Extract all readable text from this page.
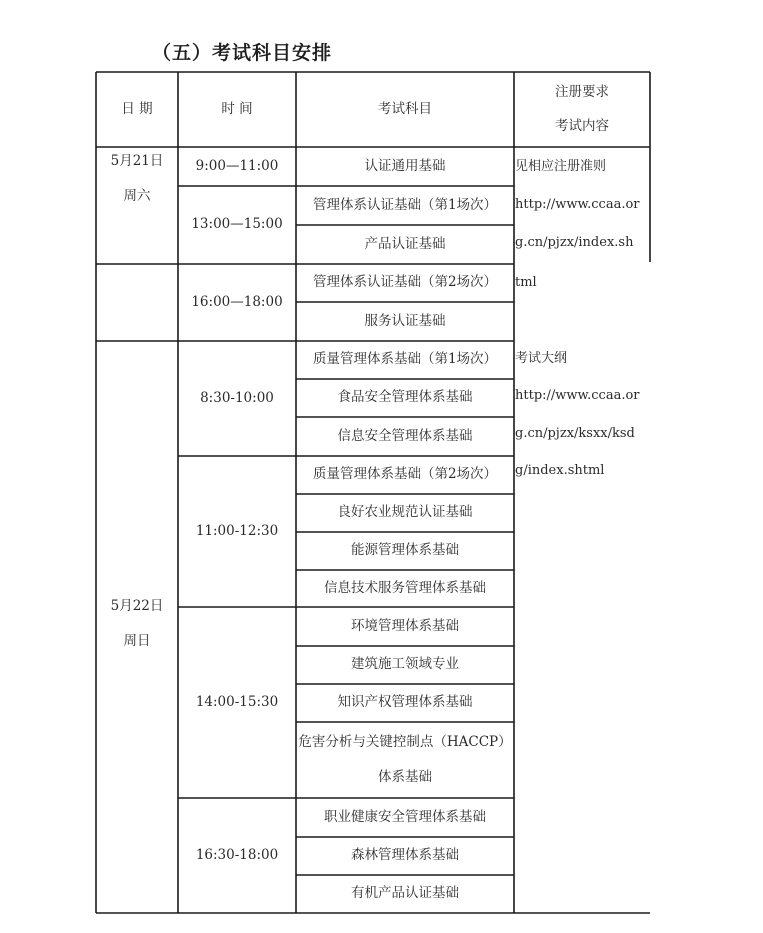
（五）考试科目安排
日 期	时 间	考试科目
注册要求
考试内容
5月21日
周六
5月22日
周日
9:00—11:00
13:00—15:00
16:00—18:00
8:30-10:00
11:00-12:30
14:00-15:30
16:30-18:00
认证通用基础
管理体系认证基础（第1场次）
产品认证基础
管理体系认证基础（第2场次）
服务认证基础
质量管理体系基础（第1场次）
食品安全管理体系基础
信息安全管理体系基础
质量管理体系基础（第2场次）
良好农业规范认证基础
能源管理体系基础
信息技术服务管理体系基础
环境管理体系基础
建筑施工领域专业
知识产权管理体系基础
危害分析与关键控制点（HACCP）
体系基础
职业健康安全管理体系基础
森林管理体系基础
有机产品认证基础
见相应注册准则
http://www.ccaa.or
g.cn/pjzx/index.sh
tml
考试大纲
http://www.ccaa.or
g.cn/pjzx/ksxx/ksd
g/index.shtml
